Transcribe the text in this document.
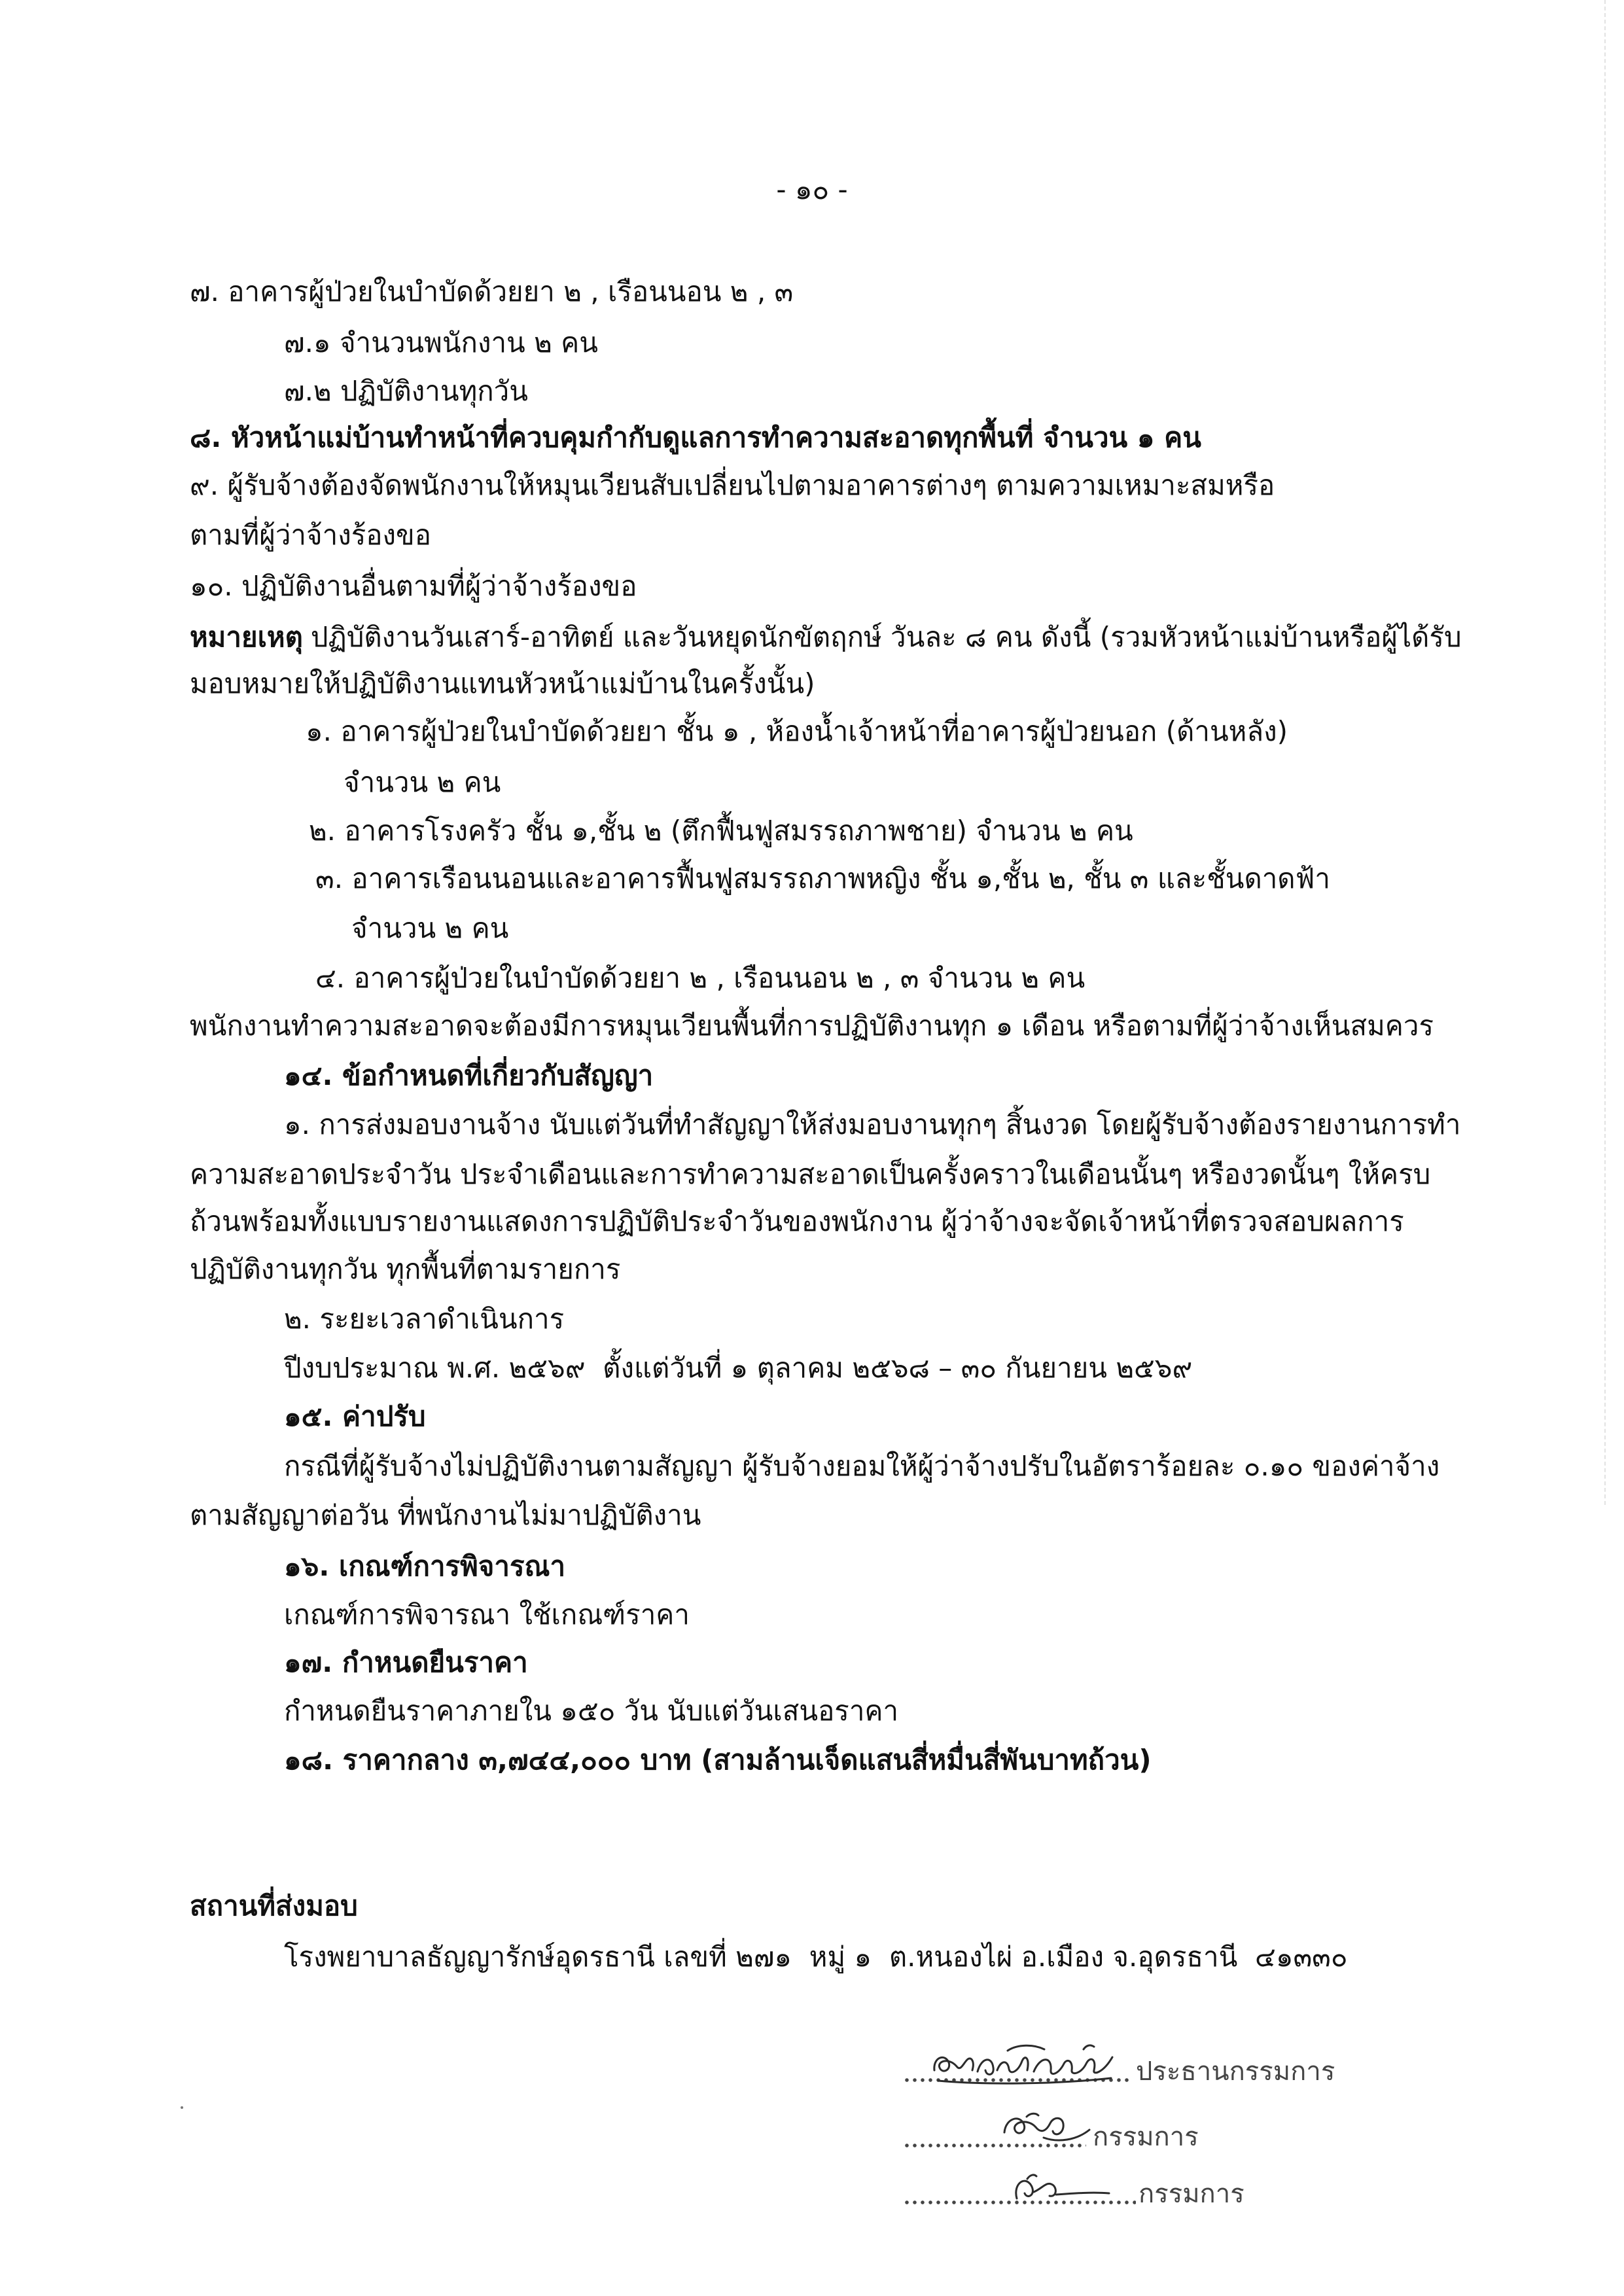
- ๑๐ -
๗. อาคารผู้ป่วยในบำบัดด้วยยา ๒ , เรือนนอน ๒ , ๓
๗.๑ จำนวนพนักงาน ๒ คน
๗.๒ ปฏิบัติงานทุกวัน
๘. หัวหน้าแม่บ้านทำหน้าที่ควบคุมกำกับดูแลการทำความสะอาดทุกพื้นที่ จำนวน ๑ คน
๙. ผู้รับจ้างต้องจัดพนักงานให้หมุนเวียนสับเปลี่ยนไปตามอาคารต่างๆ ตามความเหมาะสมหรือ
ตามที่ผู้ว่าจ้างร้องขอ
๑๐. ปฏิบัติงานอื่นตามที่ผู้ว่าจ้างร้องขอ
หมายเหตุ ปฏิบัติงานวันเสาร์-อาทิตย์ และวันหยุดนักขัตฤกษ์ วันละ ๘ คน ดังนี้ (รวมหัวหน้าแม่บ้านหรือผู้ได้รับ
มอบหมายให้ปฏิบัติงานแทนหัวหน้าแม่บ้านในครั้งนั้น)
๑. อาคารผู้ป่วยในบำบัดด้วยยา ชั้น ๑ , ห้องน้ำเจ้าหน้าที่อาคารผู้ป่วยนอก (ด้านหลัง)
จำนวน ๒ คน
๒. อาคารโรงครัว ชั้น ๑,ชั้น ๒ (ตึกฟื้นฟูสมรรถภาพชาย) จำนวน ๒ คน
๓. อาคารเรือนนอนและอาคารฟื้นฟูสมรรถภาพหญิง ชั้น ๑,ชั้น ๒, ชั้น ๓ และชั้นดาดฟ้า
จำนวน ๒ คน
๔. อาคารผู้ป่วยในบำบัดด้วยยา ๒ , เรือนนอน ๒ , ๓ จำนวน ๒ คน
พนักงานทำความสะอาดจะต้องมีการหมุนเวียนพื้นที่การปฏิบัติงานทุก ๑ เดือน หรือตามที่ผู้ว่าจ้างเห็นสมควร
๑๔. ข้อกำหนดที่เกี่ยวกับสัญญา
๑. การส่งมอบงานจ้าง นับแต่วันที่ทำสัญญาให้ส่งมอบงานทุกๆ สิ้นงวด โดยผู้รับจ้างต้องรายงานการทำ
ความสะอาดประจำวัน ประจำเดือนและการทำความสะอาดเป็นครั้งคราวในเดือนนั้นๆ หรืองวดนั้นๆ ให้ครบ
ถ้วนพร้อมทั้งแบบรายงานแสดงการปฏิบัติประจำวันของพนักงาน ผู้ว่าจ้างจะจัดเจ้าหน้าที่ตรวจสอบผลการ
ปฏิบัติงานทุกวัน ทุกพื้นที่ตามรายการ
๒. ระยะเวลาดำเนินการ
ปีงบประมาณ พ.ศ. ๒๕๖๙  ตั้งแต่วันที่ ๑ ตุลาคม ๒๕๖๘ – ๓๐ กันยายน ๒๕๖๙
๑๕. ค่าปรับ
กรณีที่ผู้รับจ้างไม่ปฏิบัติงานตามสัญญา ผู้รับจ้างยอมให้ผู้ว่าจ้างปรับในอัตราร้อยละ ๐.๑๐ ของค่าจ้าง
ตามสัญญาต่อวัน ที่พนักงานไม่มาปฏิบัติงาน
๑๖. เกณฑ์การพิจารณา
เกณฑ์การพิจารณา ใช้เกณฑ์ราคา
๑๗. กำหนดยืนราคา
กำหนดยืนราคาภายใน ๑๕๐ วัน นับแต่วันเสนอราคา
๑๘. ราคากลาง ๓,๗๔๔,๐๐๐ บาท (สามล้านเจ็ดแสนสี่หมื่นสี่พันบาทถ้วน)
สถานที่ส่งมอบ
โรงพยาบาลธัญญารักษ์อุดรธานี เลขที่ ๒๗๑  หมู่ ๑  ต.หนองไผ่ อ.เมือง จ.อุดรธานี  ๔๑๓๓๐
ประธานกรรมการ
กรรมการ
กรรมการ
